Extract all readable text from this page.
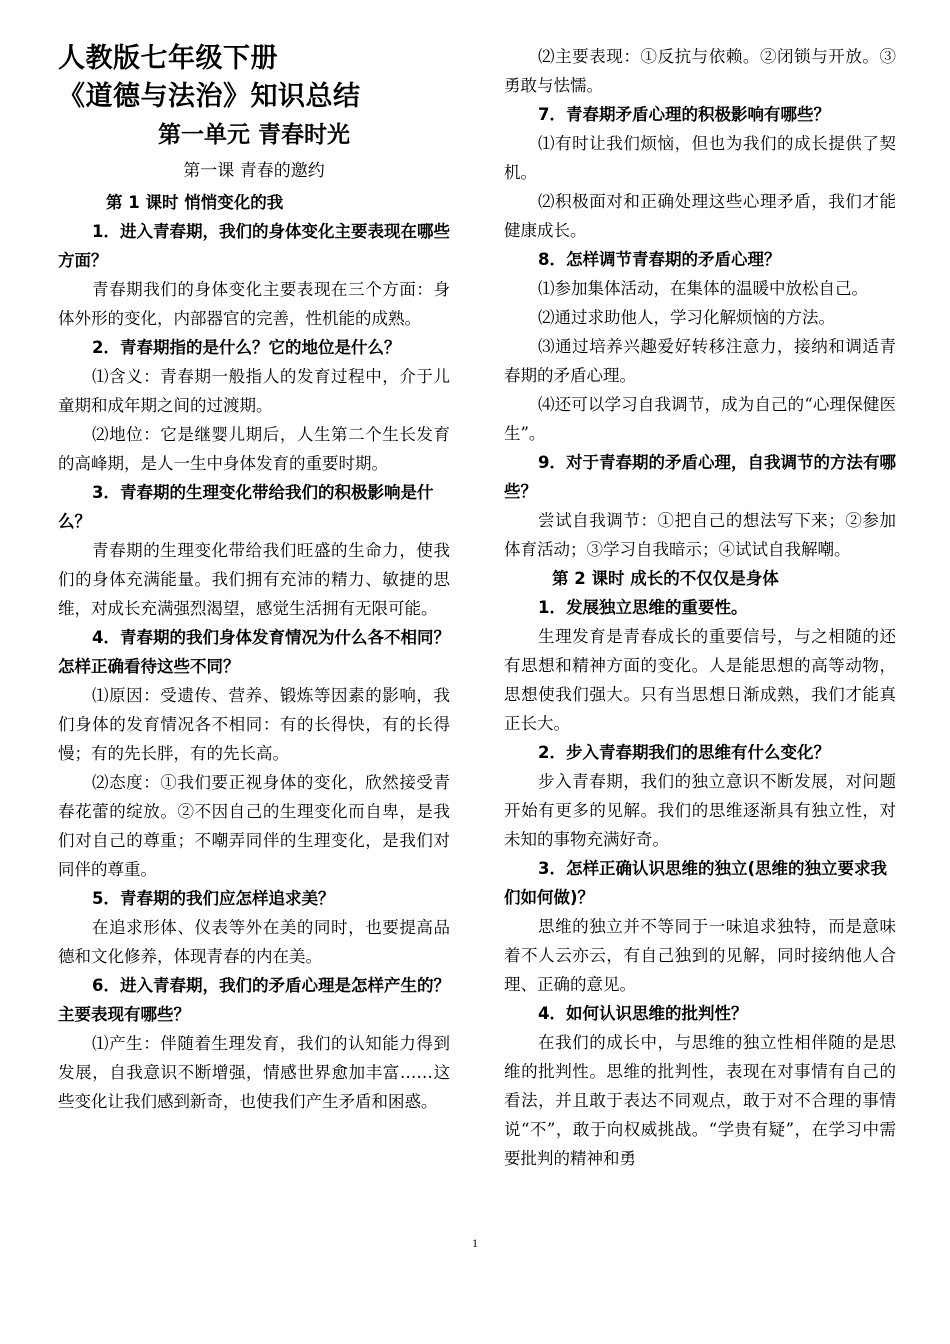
人教版七年级下册
《道德与法治》知识总结
第一单元 青春时光
第一课 青春的邀约
第 1 课时 悄悄变化的我

1．进入青春期，我们的身体变化主要表现在哪些方面？

青春期我们的身体变化主要表现在三个方面：身体外形的变化，内部器官的完善，性机能的成熟。

2．青春期指的是什么？它的地位是什么？

⑴含义：青春期一般指人的发育过程中，介于儿童期和成年期之间的过渡期。

⑵地位：它是继婴儿期后，人生第二个生长发育的高峰期，是人一生中身体发育的重要时期。

3．青春期的生理变化带给我们的积极影响是什么？

青春期的生理变化带给我们旺盛的生命力，使我们的身体充满能量。我们拥有充沛的精力、敏捷的思维，对成长充满强烈渴望，感觉生活拥有无限可能。

4．青春期的我们身体发育情况为什么各不相同？怎样正确看待这些不同？

⑴原因：受遗传、营养、锻炼等因素的影响，我们身体的发育情况各不相同：有的长得快，有的长得慢；有的先长胖，有的先长高。

⑵态度：①我们要正视身体的变化，欣然接受青春花蕾的绽放。②不因自己的生理变化而自卑，是我们对自己的尊重；不嘲弄同伴的生理变化，是我们对同伴的尊重。

5．青春期的我们应怎样追求美？

在追求形体、仪表等外在美的同时，也要提高品德和文化修养，体现青春的内在美。

6．进入青春期，我们的矛盾心理是怎样产生的？主要表现有哪些？

⑴产生：伴随着生理发育，我们的认知能力得到发展，自我意识不断增强，情感世界愈加丰富……这些变化让我们感到新奇，也使我们产生矛盾和困惑。

⑵主要表现：①反抗与依赖。②闭锁与开放。③勇敢与怯懦。

7．青春期矛盾心理的积极影响有哪些？

⑴有时让我们烦恼，但也为我们的成长提供了契机。

⑵积极面对和正确处理这些心理矛盾，我们才能健康成长。

8．怎样调节青春期的矛盾心理？

⑴参加集体活动，在集体的温暖中放松自己。

⑵通过求助他人，学习化解烦恼的方法。

⑶通过培养兴趣爱好转移注意力，接纳和调适青春期的矛盾心理。

⑷还可以学习自我调节，成为自己的“心理保健医生”。

9．对于青春期的矛盾心理，自我调节的方法有哪些？

尝试自我调节：①把自己的想法写下来；②参加体育活动；③学习自我暗示；④试试自我解嘲。

第 2 课时 成长的不仅仅是身体

1．发展独立思维的重要性。

生理发育是青春成长的重要信号，与之相随的还有思想和精神方面的变化。人是能思想的高等动物，思想使我们强大。只有当思想日渐成熟，我们才能真正长大。

2．步入青春期我们的思维有什么变化？

步入青春期，我们的独立意识不断发展，对问题开始有更多的见解。我们的思维逐渐具有独立性，对未知的事物充满好奇。

3．怎样正确认识思维的独立(思维的独立要求我们如何做)？

思维的独立并不等同于一味追求独特，而是意味着不人云亦云，有自己独到的见解，同时接纳他人合理、正确的意见。

4．如何认识思维的批判性？

在我们的成长中，与思维的独立性相伴随的是思维的批判性。思维的批判性，表现在对事情有自己的看法，并且敢于表达不同观点，敢于对不合理的事情说“不”，敢于向权威挑战。“学贵有疑”，在学习中需要批判的精神和勇

1
